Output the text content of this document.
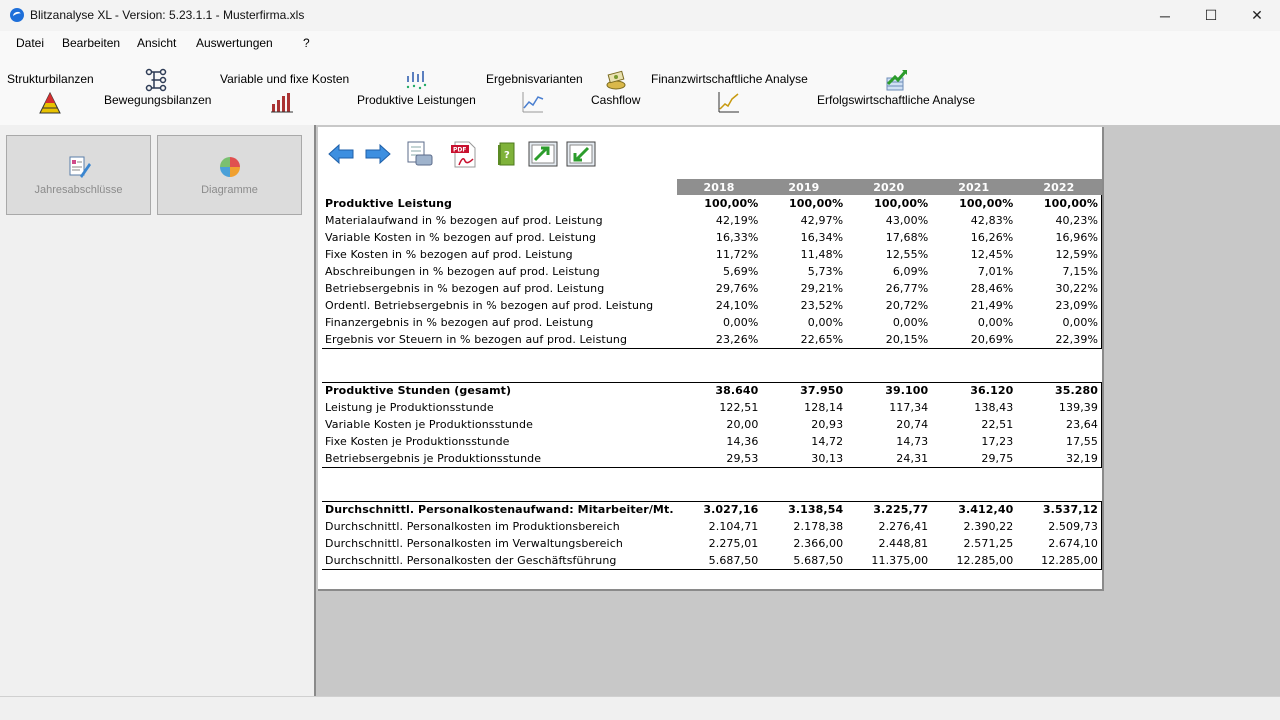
Blitzanalyse XL - Version: 5.23.1.1 - Musterfirma.xls	─	☐	✕
Datei Bearbeiten Ansicht Auswertungen	?
Strukturbilanzen
Bewegungsbilanzen
Variable und fixe Kosten
Produktive Leistungen
Ergebnisvarianten
Cashflow
Finanzwirtschaftliche Analyse
Erfolgswirtschaftliche Analyse
Jahresabschlüsse	Diagramme
PDF	?
	2018	2019	2020	2021	2022
Produktive Leistung	100,00%	100,00%	100,00%	100,00%	100,00%
Materialaufwand in % bezogen auf prod. Leistung	42,19%	42,97%	43,00%	42,83%	40,23%
Variable Kosten in % bezogen auf prod. Leistung	16,33%	16,34%	17,68%	16,26%	16,96%
Fixe Kosten in % bezogen auf prod. Leistung	11,72%	11,48%	12,55%	12,45%	12,59%
Abschreibungen in % bezogen auf prod. Leistung	5,69%	5,73%	6,09%	7,01%	7,15%
Betriebsergebnis in % bezogen auf prod. Leistung	29,76%	29,21%	26,77%	28,46%	30,22%
Ordentl. Betriebsergebnis in % bezogen auf prod. Leistung	24,10%	23,52%	20,72%	21,49%	23,09%
Finanzergebnis in % bezogen auf prod. Leistung	0,00%	0,00%	0,00%	0,00%	0,00%
Ergebnis vor Steuern in % bezogen auf prod. Leistung	23,26%	22,65%	20,15%	20,69%	22,39%

Produktive Stunden (gesamt)	38.640	37.950	39.100	36.120	35.280
Leistung je Produktionsstunde	122,51	128,14	117,34	138,43	139,39
Variable Kosten je Produktionsstunde	20,00	20,93	20,74	22,51	23,64
Fixe Kosten je Produktionsstunde	14,36	14,72	14,73	17,23	17,55
Betriebsergebnis je Produktionsstunde	29,53	30,13	24,31	29,75	32,19

Durchschnittl. Personalkostenaufwand: Mitarbeiter/Mt.	3.027,16	3.138,54	3.225,77	3.412,40	3.537,12
Durchschnittl. Personalkosten im Produktionsbereich	2.104,71	2.178,38	2.276,41	2.390,22	2.509,73
Durchschnittl. Personalkosten im Verwaltungsbereich	2.275,01	2.366,00	2.448,81	2.571,25	2.674,10
Durchschnittl. Personalkosten der Geschäftsführung	5.687,50	5.687,50	11.375,00	12.285,00	12.285,00
